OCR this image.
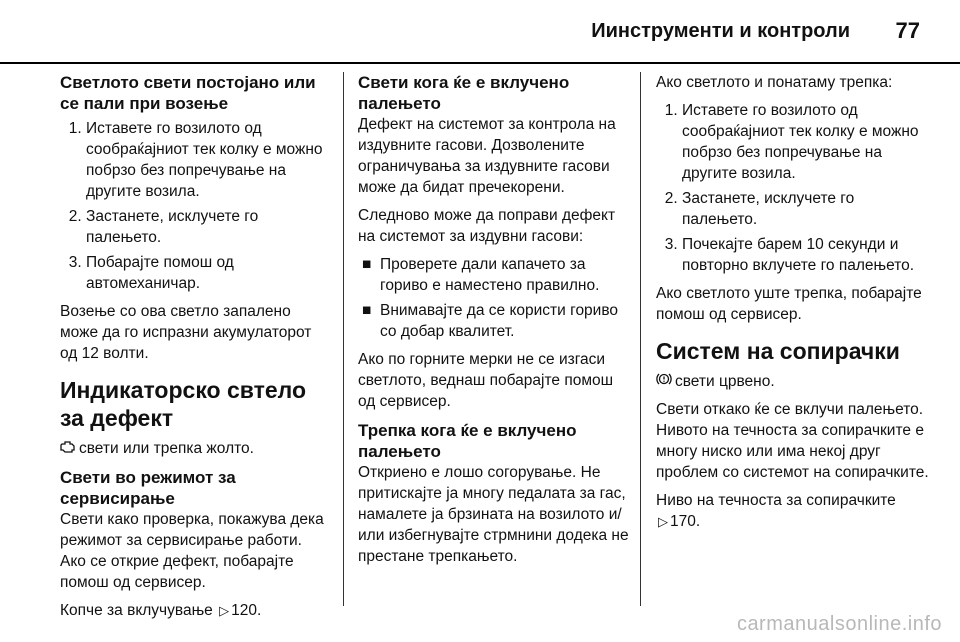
Иинструменти и контроли 77
Светлото свети постојано или се пали при возење
1. Иставете го возилото од сообраќајниот тек колку е можно побрзо без попречување на другите возила.
2. Застанете, исклучете го палењето.
3. Побарајте помош од автомеханичар.

Возење со ова светло запалено може да го испразни акумулаторот од 12 волти.

Индикаторско свтело за дефект

свети или трепка жолто.

Свети во режимот за сервисирање

Свети како проверка, покажува дека режимот за сервисирање работи. Ако се открие дефект, побарајте помош од сервисер.

Копче за вклучување ▷ 120.

Свети кога ќе е вклучено палењето

Дефект на системот за контрола на издувните гасови. Дозволените ограничувања за издувните гасови може да бидат пречекорени.

Следново може да поправи дефект на системот за издувни гасови:

■ Проверете дали капачето за гориво е наместено правилно.
■ Внимавајте да се користи гориво со добар квалитет.

Ако по горните мерки не се изгаси светлото, веднаш побарајте помош од сервисер.

Трепка кога ќе е вклучено палењето

Откриено е лошо согорување. Не притискајте ја многу педалата за гас, намалете ја брзината на возилото и/или избегнувајте стрмнини додека не престане трепкањето.

Ако светлото и понатаму трепка:

1. Иставете го возилото од сообраќајниот тек колку е можно побрзо без попречување на другите возила.
2. Застанете, исклучете го палењето.
3. Почекајте барем 10 секунди и повторно вклучете го палењето.

Ако светлото уште трепка, побарајте помош од сервисер.

Систем на сопирачки

свети црвено.

Свети откако ќе се вклучи палењето. Нивото на течноста за сопирачките е многу ниско или има некој друг проблем со системот на сопирачките.

Ниво на течноста за сопирачките
▷ 170.

carmanualsonline.info
